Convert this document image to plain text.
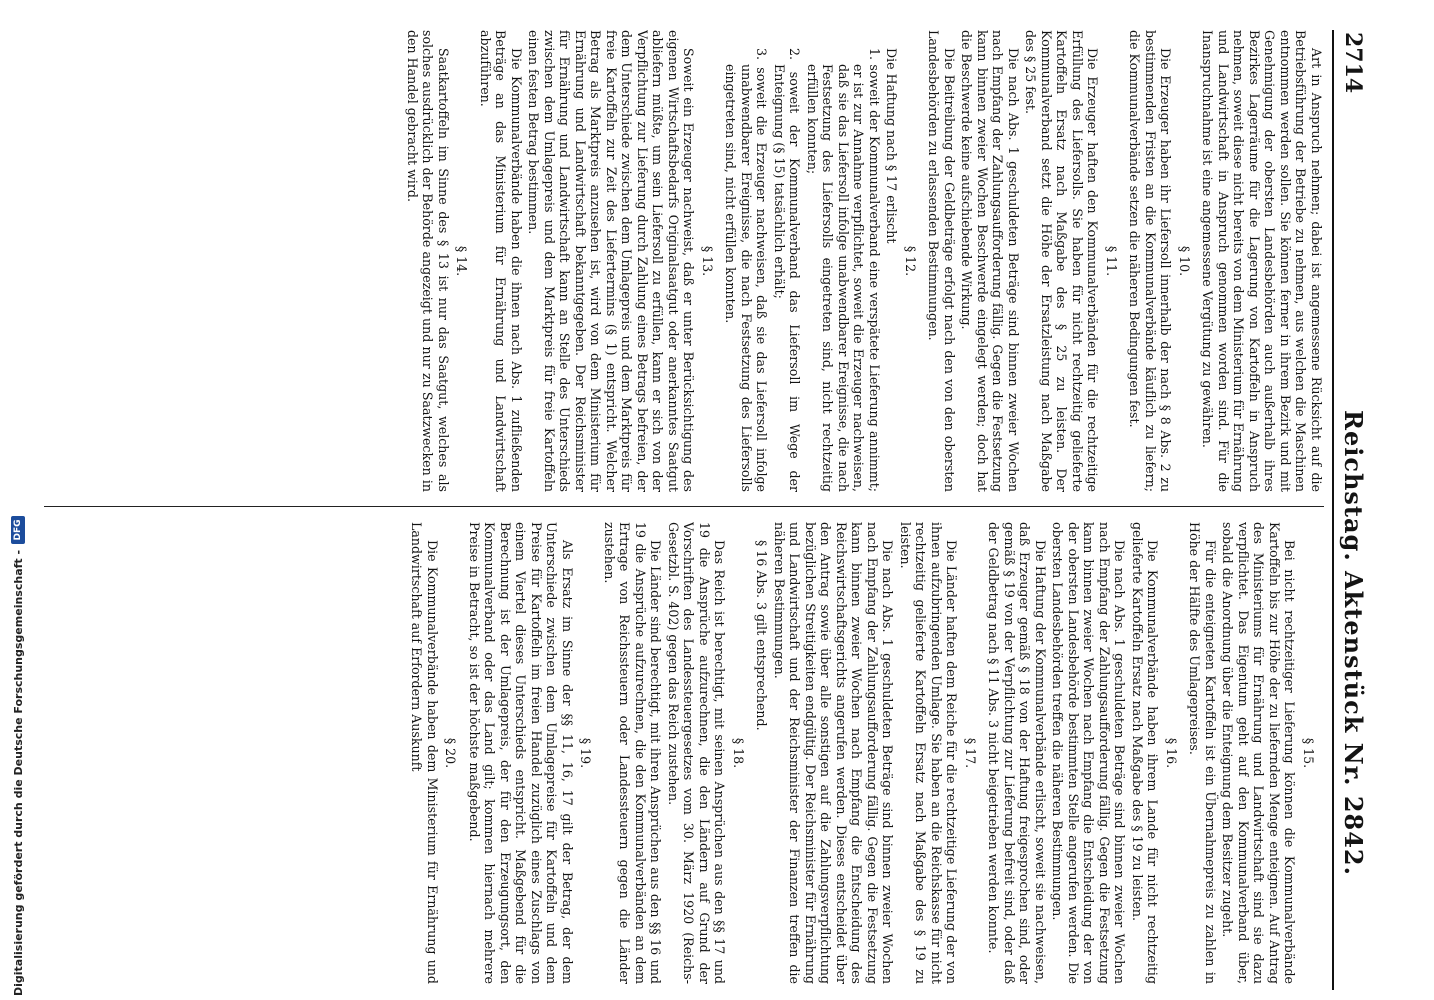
2714
Reichstag. Aktenstück Nr. 2842.

Art in Anspruch nehmen; dabei ist angemessene Rücksicht auf die Betriebsführung der Betriebe zu nehmen, aus welchen die Maschinen entnommen werden sollen. Sie können ferner in ihrem Bezirk und mit Genehmigung der obersten Landesbehörden auch außerhalb ihres Bezirkes Lagerräume für die Lagerung von Kartoffeln in Anspruch nehmen, soweit diese nicht bereits von dem Ministerium für Ernährung und Landwirtschaft in Anspruch genommen worden sind. Für die Inanspruchnahme ist eine angemessene Vergütung zu gewähren.

§ 10.

Die Erzeuger haben ihr Liefersoll innerhalb der nach § 8 Abs. 2 zu bestimmenden Fristen an die Kommunalverbände käuflich zu liefern; die Kommunalverbände setzen die näheren Bedingungen fest.

§ 11.

Die Erzeuger haften den Kommunalverbänden für die rechtzeitige Erfüllung des Liefersolls. Sie haben für nicht rechtzeitig gelieferte Kartoffeln Ersatz nach Maßgabe des § 25 zu leisten. Der Kommunalverband setzt die Höhe der Ersatzleistung nach Maßgabe des § 25 fest.

Die nach Abs. 1 geschuldeten Beträge sind binnen zweier Wochen nach Empfang der Zahlungsaufforderung fällig. Gegen die Festsetzung kann binnen zweier Wochen Beschwerde eingelegt werden; doch hat die Beschwerde keine aufschiebende Wirkung.

Die Beitreibung der Geldbeträge erfolgt nach den von den obersten Landesbehörden zu erlassenden Bestimmungen.

§ 12.

Die Haftung nach § 17 erlischt

1. soweit der Kommunalverband eine verspätete Lieferung annimmt; er ist zur Annahme verpflichtet, soweit die Erzeuger nachweisen, daß sie das Liefersoll infolge unabwendbarer Ereignisse, die nach Festsetzung des Liefersolls eingetreten sind, nicht rechtzeitig erfüllen konnten;
2. soweit der Kommunalverband das Liefersoll im Wege der Enteignung (§ 15) tatsächlich erhält;
3. soweit die Erzeuger nachweisen, daß sie das Liefersoll infolge unabwendbarer Ereignisse, die nach Festsetzung des Liefersolls eingetreten sind, nicht erfüllen konnten.
§ 13.

Soweit ein Erzeuger nachweist, daß er unter Berücksichtigung des eigenen Wirtschaftsbedarfs Originalsaatgut oder anerkanntes Saatgut abliefern müßte, um sein Liefersoll zu erfüllen, kann er sich von der Verpflichtung zur Lieferung durch Zahlung eines Betrags befreien, der dem Unterschiede zwischen dem Umlagepreis und dem Marktpreis für freie Kartoffeln zur Zeit des Liefertermins (§ 1) entspricht. Welcher Betrag als Marktpreis anzusehen ist, wird von dem Ministerium für Ernährung und Landwirtschaft bekanntgegeben. Der Reichsminister für Ernährung und Landwirtschaft kann an Stelle des Unterschieds zwischen dem Umlagepreis und dem Marktpreis für freie Kartoffeln einen festen Betrag bestimmen.

Die Kommunalverbände haben die ihnen nach Abs. 1 zufließenden Beträge an das Ministerium für Ernährung und Landwirtschaft abzuführen.

§ 14.

Saatkartoffeln im Sinne des § 13 ist nur das Saatgut, welches als solches ausdrücklich der Behörde angezeigt und nur zu Saatzwecken in den Handel gebracht wird.

§ 15.

Bei nicht rechtzeitiger Lieferung können die Kommunalverbände Kartoffeln bis zur Höhe der zu liefernden Menge enteignen. Auf Antrag des Ministeriums für Ernährung und Landwirtschaft sind sie dazu verpflichtet. Das Eigentum geht auf den Kommunalverband über, sobald die Anordnung über die Enteignung dem Besitzer zugeht.

Für die enteigneten Kartoffeln ist ein Übernahmepreis zu zahlen in Höhe der Hälfte des Umlagepreises.

§ 16.

Die Kommunalverbände haben ihrem Lande für nicht rechtzeitig gelieferte Kartoffeln Ersatz nach Maßgabe des § 19 zu leisten.

Die nach Abs. 1 geschuldeten Beträge sind binnen zweier Wochen nach Empfang der Zahlungsaufforderung fällig. Gegen die Festsetzung kann binnen zweier Wochen nach Empfang die Entscheidung der von der obersten Landesbehörde bestimmten Stelle angerufen werden. Die obersten Landesbehörden treffen die näheren Bestimmungen.

Die Haftung der Kommunalverbände erlischt, soweit sie nachweisen, daß Erzeuger gemäß § 18 von der Haftung freigesprochen sind, oder gemäß § 19 von der Verpflichtung zur Lieferung befreit sind, oder daß der Geldbetrag nach § 11 Abs. 3 nicht beigetrieben werden konnte.

§ 17.

Die Länder haften dem Reiche für die rechtzeitige Lieferung der von ihnen aufzubringenden Umlage. Sie haben an die Reichskasse für nicht rechtzeitig gelieferte Kartoffeln Ersatz nach Maßgabe des § 19 zu leisten.

Die nach Abs. 1 geschuldeten Beträge sind binnen zweier Wochen nach Empfang der Zahlungsaufforderung fällig. Gegen die Festsetzung kann binnen zweier Wochen nach Empfang die Entscheidung des Reichswirtschaftsgerichts angerufen werden. Dieses entscheidet über den Antrag sowie über alle sonstigen auf die Zahlungsverpflichtung bezüglichen Streitigkeiten endgültig. Der Reichsminister für Ernährung und Landwirtschaft und der Reichsminister der Finanzen treffen die näheren Bestimmungen.

§ 16 Abs. 3 gilt entsprechend.

§ 18.

Das Reich ist berechtigt, mit seinen Ansprüchen aus den §§ 17 und 19 die Ansprüche aufzurechnen, die den Ländern auf Grund der Vorschriften des Landessteuergesetzes vom 30. März 1920 (Reichs-Gesetzbl. S. 402) gegen das Reich zustehen.

Die Länder sind berechtigt, mit ihren Ansprüchen aus den §§ 16 und 19 die Ansprüche aufzurechnen, die den Kommunalverbänden an dem Ertrage von Reichssteuern oder Landessteuern gegen die Länder zustehen.

§ 19.

Als Ersatz im Sinne der §§ 11, 16, 17 gilt der Betrag, der dem Unterschiede zwischen dem Umlagepreise für Kartoffeln und dem Preise für Kartoffeln im freien Handel zuzüglich eines Zuschlags von einem Viertel dieses Unterschieds entspricht. Maßgebend für die Berechnung ist der Umlagepreis, der für den Erzeugungsort, den Kommunalverband oder das Land gilt; kommen hiernach mehrere Preise in Betracht, so ist der höchste maßgebend.

§ 20.

Die Kommunalverbände haben dem Ministerium für Ernährung und Landwirtschaft auf Erfordern Auskunft

Digitalisierung gefördert durch die Deutsche Forschungsgemeinschaft -
DFG
